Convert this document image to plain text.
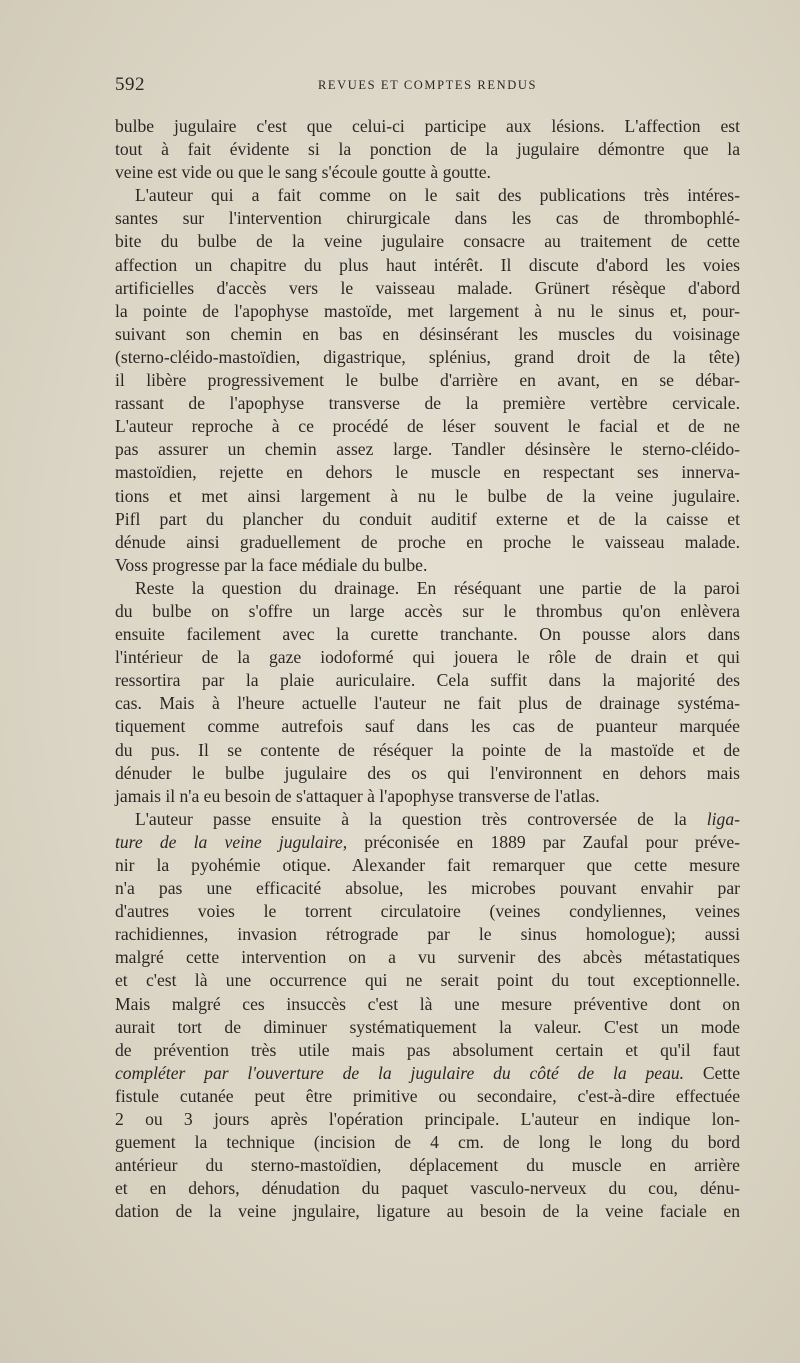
592	REVUES ET COMPTES RENDUS
bulbe jugulaire c'est que celui-ci participe aux lésions. L'affection est
tout à fait évidente si la ponction de la jugulaire démontre que la
veine est vide ou que le sang s'écoule goutte à goutte.
L'auteur qui a fait comme on le sait des publications très intéres-
santes sur l'intervention chirurgicale dans les cas de thrombophlé-
bite du bulbe de la veine jugulaire consacre au traitement de cette
affection un chapitre du plus haut intérêt. Il discute d'abord les voies
artificielles d'accès vers le vaisseau malade. Grünert résèque d'abord
la pointe de l'apophyse mastoïde, met largement à nu le sinus et, pour-
suivant son chemin en bas en désinsérant les muscles du voisinage
(sterno-cléido-mastoïdien, digastrique, splénius, grand droit de la tête)
il libère progressivement le bulbe d'arrière en avant, en se débar-
rassant de l'apophyse transverse de la première vertèbre cervicale.
L'auteur reproche à ce procédé de léser souvent le facial et de ne
pas assurer un chemin assez large. Tandler désinsère le sterno-cléido-
mastoïdien, rejette en dehors le muscle en respectant ses innerva-
tions et met ainsi largement à nu le bulbe de la veine jugulaire.
Pifl part du plancher du conduit auditif externe et de la caisse et
dénude ainsi graduellement de proche en proche le vaisseau malade.
Voss progresse par la face médiale du bulbe.
Reste la question du drainage. En réséquant une partie de la paroi
du bulbe on s'offre un large accès sur le thrombus qu'on enlèvera
ensuite facilement avec la curette tranchante. On pousse alors dans
l'intérieur de la gaze iodoformé qui jouera le rôle de drain et qui
ressortira par la plaie auriculaire. Cela suffit dans la majorité des
cas. Mais à l'heure actuelle l'auteur ne fait plus de drainage systéma-
tiquement comme autrefois sauf dans les cas de puanteur marquée
du pus. Il se contente de réséquer la pointe de la mastoïde et de
dénuder le bulbe jugulaire des os qui l'environnent en dehors mais
jamais il n'a eu besoin de s'attaquer à l'apophyse transverse de l'atlas.
L'auteur passe ensuite à la question très controversée de la liga-
ture de la veine jugulaire, préconisée en 1889 par Zaufal pour préve-
nir la pyohémie otique. Alexander fait remarquer que cette mesure
n'a pas une efficacité absolue, les microbes pouvant envahir par
d'autres voies le torrent circulatoire (veines condyliennes, veines
rachidiennes, invasion rétrograde par le sinus homologue); aussi
malgré cette intervention on a vu survenir des abcès métastatiques
et c'est là une occurrence qui ne serait point du tout exceptionnelle.
Mais malgré ces insuccès c'est là une mesure préventive dont on
aurait tort de diminuer systématiquement la valeur. C'est un mode
de prévention très utile mais pas absolument certain et qu'il faut
compléter par l'ouverture de la jugulaire du côté de la peau. Cette
fistule cutanée peut être primitive ou secondaire, c'est-à-dire effectuée
2 ou 3 jours après l'opération principale. L'auteur en indique lon-
guement la technique (incision de 4 cm. de long le long du bord
antérieur du sterno-mastoïdien, déplacement du muscle en arrière
et en dehors, dénudation du paquet vasculo-nerveux du cou, dénu-
dation de la veine jngulaire, ligature au besoin de la veine faciale en
